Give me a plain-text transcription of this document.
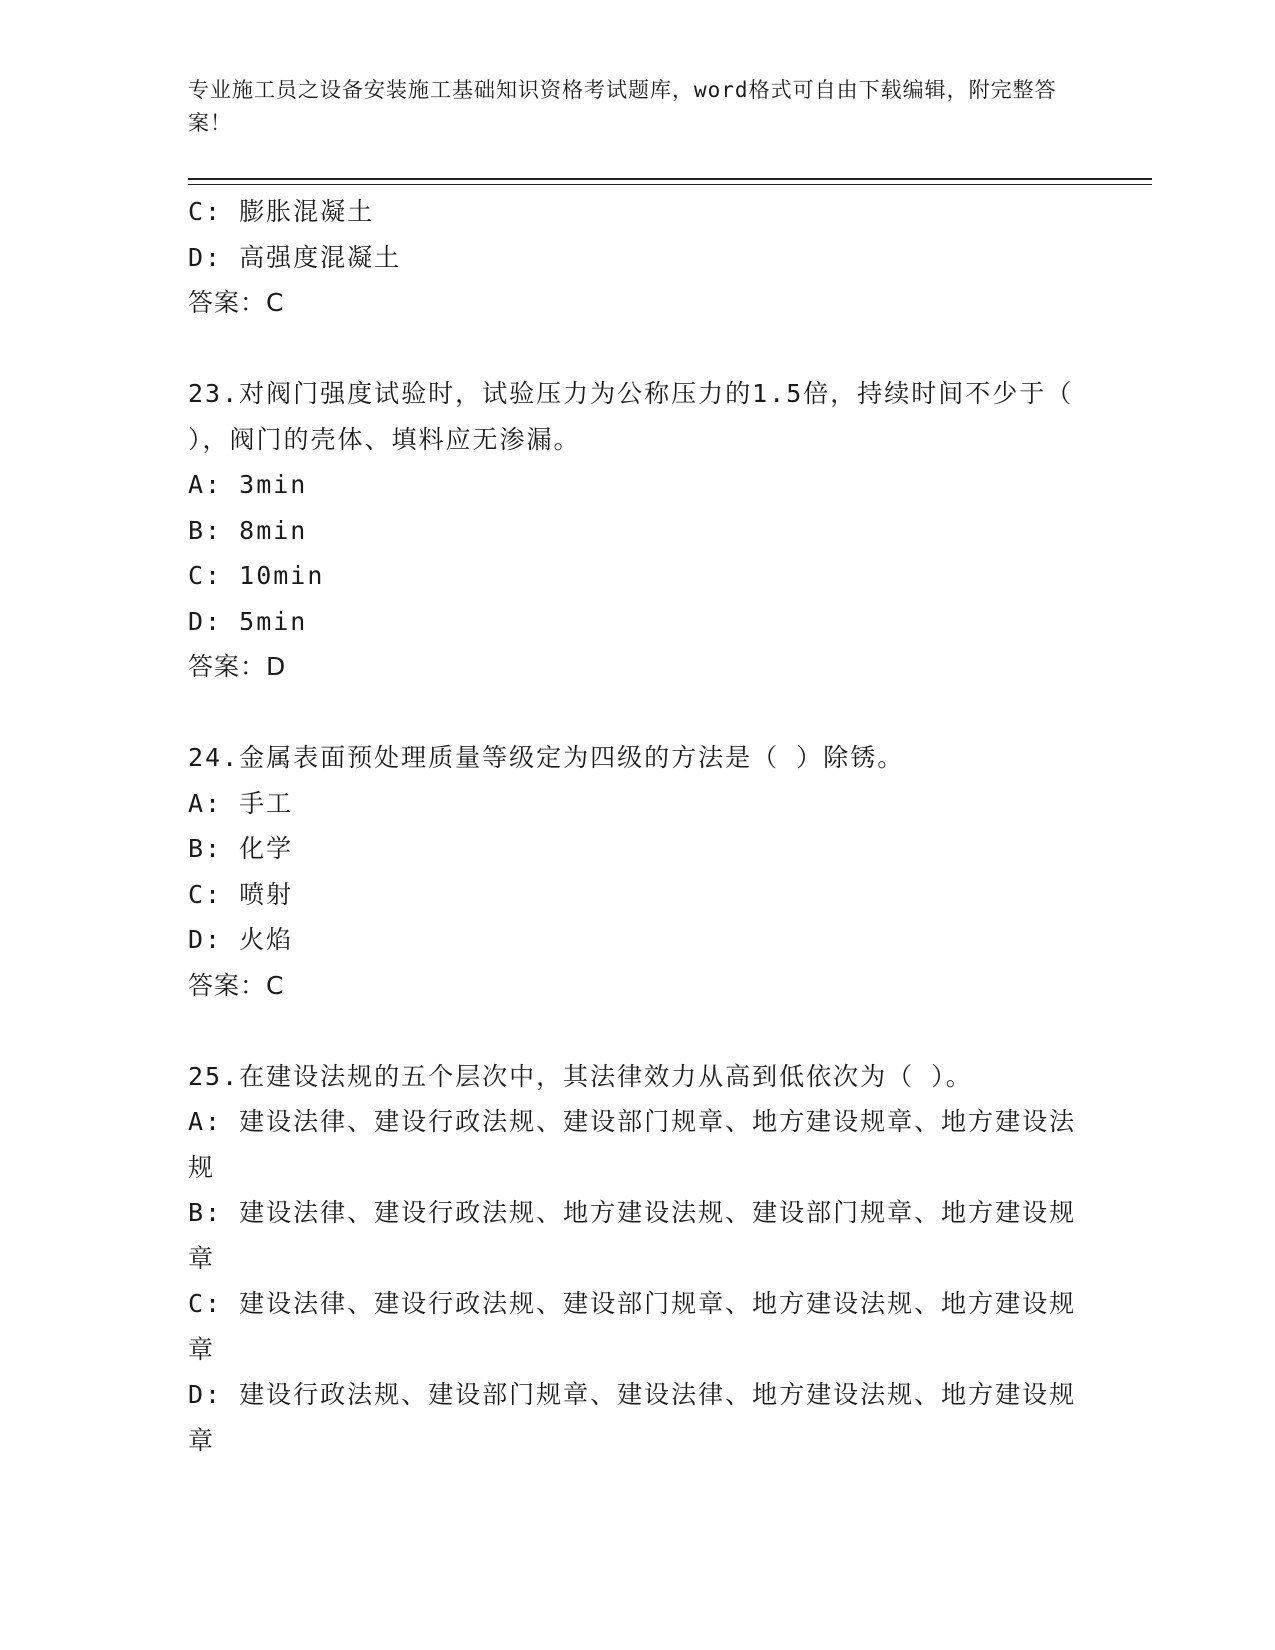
专业施工员之设备安装施工基础知识资格考试题库，word格式可自由下载编辑，附完整答案！

C: 膨胀混凝土

D: 高强度混凝土

答案：C

23.对阀门强度试验时，试验压力为公称压力的1.5倍，持续时间不少于（ ），阀门的壳体、填料应无渗漏。

A: 3min

B: 8min

C: 10min

D: 5min

答案：D

24.金属表面预处理质量等级定为四级的方法是（ ）除锈。

A: 手工

B: 化学

C: 喷射

D: 火焰

答案：C

25.在建设法规的五个层次中，其法律效力从高到低依次为（ ）。

A: 建设法律、建设行政法规、建设部门规章、地方建设规章、地方建设法规

B: 建设法律、建设行政法规、地方建设法规、建设部门规章、地方建设规章

C: 建设法律、建设行政法规、建设部门规章、地方建设法规、地方建设规章

D: 建设行政法规、建设部门规章、建设法律、地方建设法规、地方建设规章
